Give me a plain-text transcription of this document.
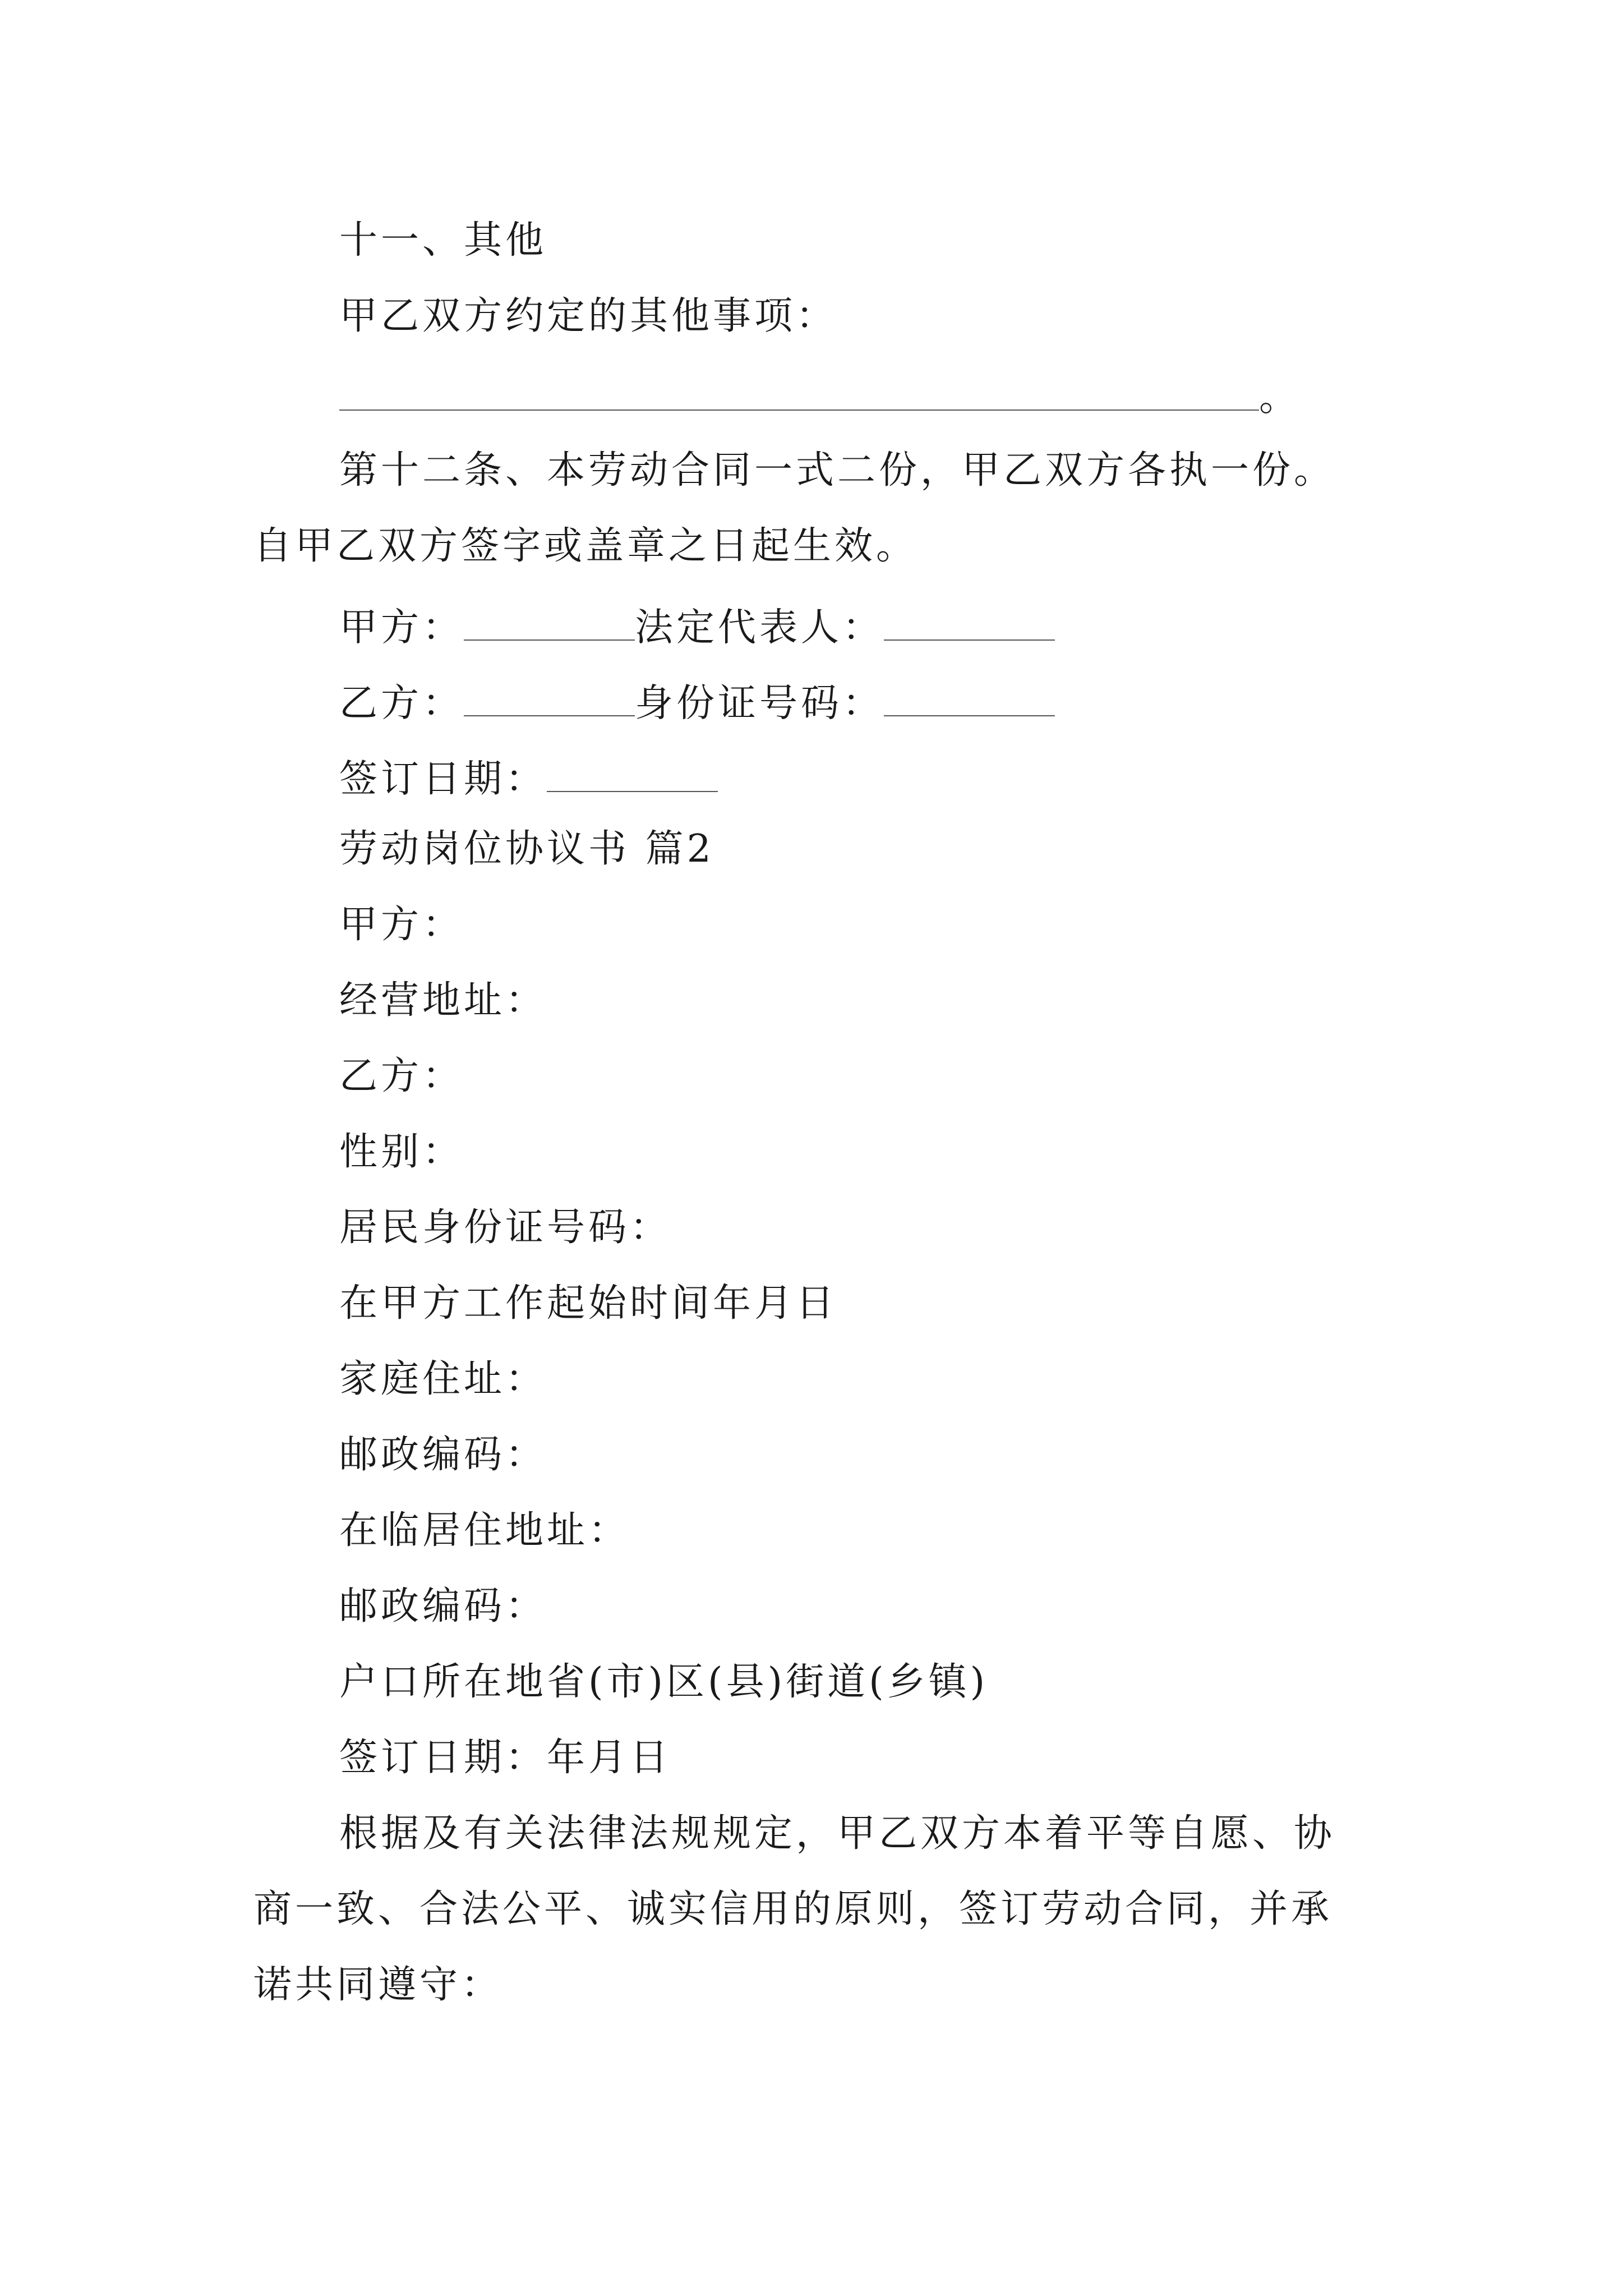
十一、其他
甲乙双方约定的其他事项：
。
第十二条、本劳动合同一式二份，甲乙双方各执一份。
自甲乙双方签字或盖章之日起生效。
甲方：	法定代表人：
乙方：	身份证号码：
签订日期：
劳动岗位协议书 篇2
甲方：
经营地址：
乙方：
性别：
居民身份证号码：
在甲方工作起始时间年月日
家庭住址：
邮政编码：
在临居住地址：
邮政编码：
户口所在地省(市)区(县)街道(乡镇)
签订日期：年月日
根据及有关法律法规规定，甲乙双方本着平等自愿、协
商一致、合法公平、诚实信用的原则，签订劳动合同，并承
诺共同遵守：
